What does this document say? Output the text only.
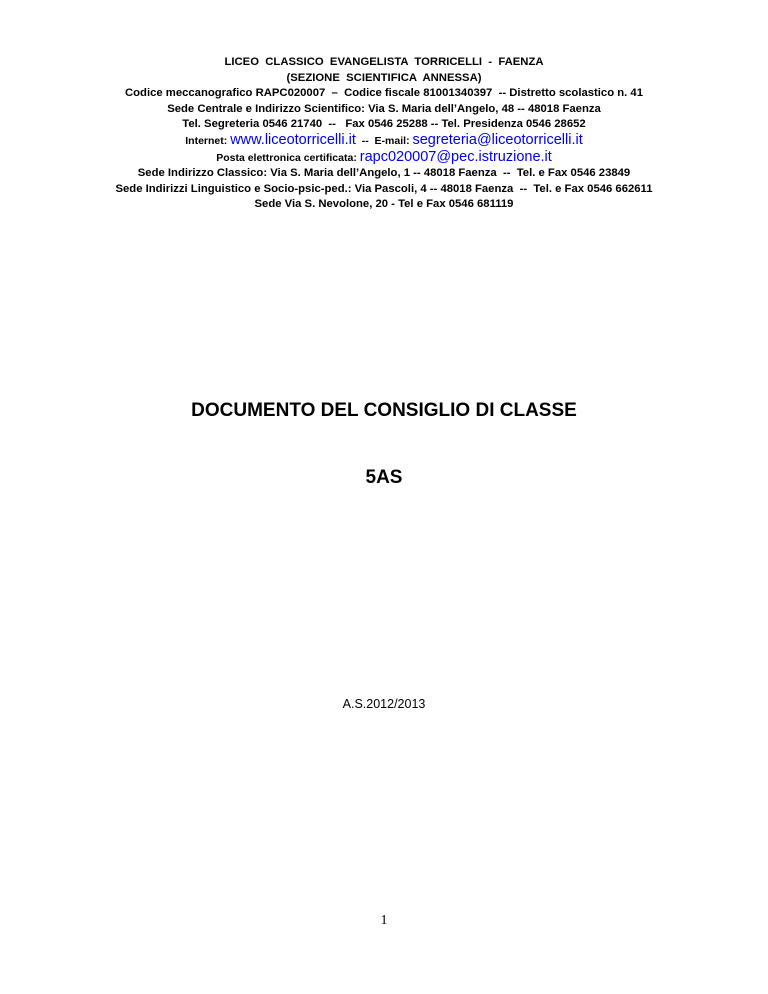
LICEO  CLASSICO  EVANGELISTA  TORRICELLI  -  FAENZA
(SEZIONE  SCIENTIFICA  ANNESSA)
Codice meccanografico RAPC020007  –  Codice fiscale 81001340397  -- Distretto scolastico n. 41
Sede Centrale e Indirizzo Scientifico: Via S. Maria dell’Angelo, 48 -- 48018 Faenza
Tel. Segreteria 0546 21740  --   Fax 0546 25288 -- Tel. Presidenza 0546 28652
Internet: www.liceotorricelli.it  --  E-mail: segreteria@liceotorricelli.it
Posta elettronica certificata: rapc020007@pec.istruzione.it
Sede Indirizzo Classico: Via S. Maria dell’Angelo, 1 -- 48018 Faenza  --  Tel. e Fax 0546 23849
Sede Indirizzi Linguistico e Socio-psic-ped.: Via Pascoli, 4 -- 48018 Faenza  --  Tel. e Fax 0546 662611
Sede Via S. Nevolone, 20 - Tel e Fax 0546 681119
DOCUMENTO DEL CONSIGLIO DI CLASSE
5AS
A.S.2012/2013
1
